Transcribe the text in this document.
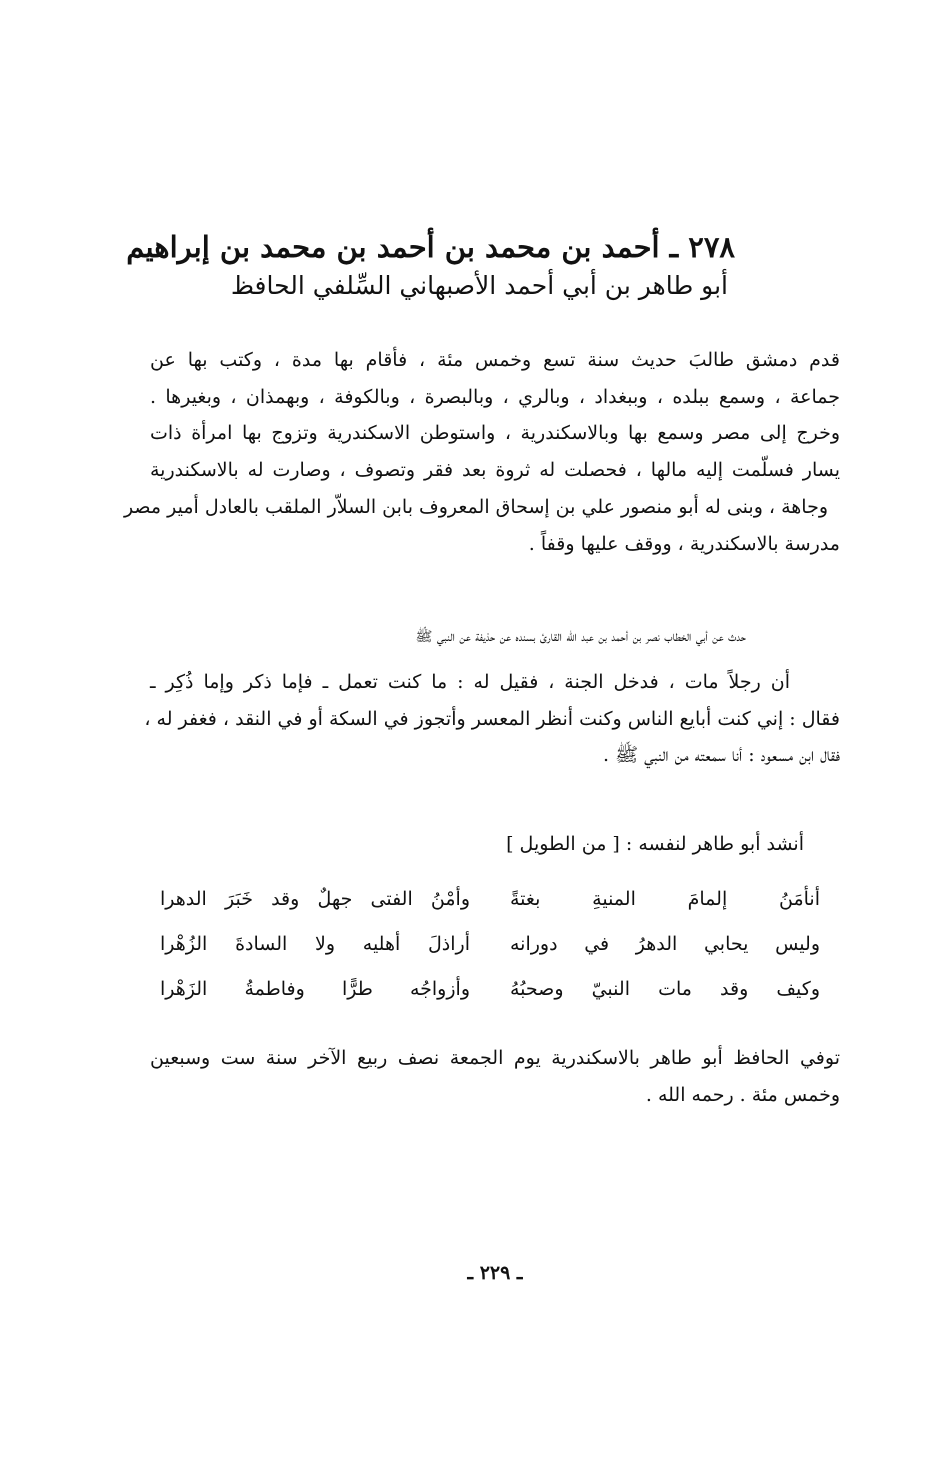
٢٧٨ ـ أحمد بن محمد بن أحمد بن محمد بن إبراهيم
أبو طاهر بن أبي أحمد الأصبهاني السِّلفي الحافظ
قدم دمشق طالبَ حديث سنة تسع وخمس مئة ، فأقام بها مدة ، وكتب بها عن
جماعة ، وسمع ببلده ، وببغداد ، وبالري ، وبالبصرة ، وبالكوفة ، وبهمذان ، وبغيرها .
وخرج إلى مصر وسمع بها وبالاسكندرية ، واستوطن الاسكندرية وتزوج بها امرأة ذات
يسار فسلّمت إليه مالها ، فحصلت له ثروة بعد فقر وتصوف ، وصارت له بالاسكندرية
وجاهة ، وبنى له أبو منصور علي بن إسحاق المعروف بابن السلاّر الملقب بالعادل أمير مصر
مدرسة بالاسكندرية ، ووقف عليها وقفاً .
حدث عن أبي الخطاب نصر بن أحمد بن عبد الله القارئ بسنده عن حذيفة عن النبي ﷺ
أن رجلاً مات ، فدخل الجنة ، فقيل له : ما كنت تعمل ـ فإما ذكر وإما ذُكِر ـ
فقال : إني كنت أبايع الناس وكنت أنظر المعسر وأتجوز في السكة أو في النقد ، فغفر له ،
فقال ابن مسعود : أنا سمعته من النبي ﷺ .
أنشد أبو طاهر لنفسه : [ من الطويل ]
أنأمَنُ إلمامَ المنيةِ بغتةً
وأمْنُ الفتى جهلٌ وقد خَبَرَ الدهرا
وليس يحابي الدهرُ في دورانه
أراذلَ أهليه ولا السادةَ الزُهْرا
وكيف وقد مات النبيّ وصحبُهُ
وأزواجُه طرًّا وفاطمةُ الزَهْرا
توفي الحافظ أبو طاهر بالاسكندرية يوم الجمعة نصف ربيع الآخر سنة ست وسبعين
وخمس مئة . رحمه الله .
ـ ٢٢٩ ـ
